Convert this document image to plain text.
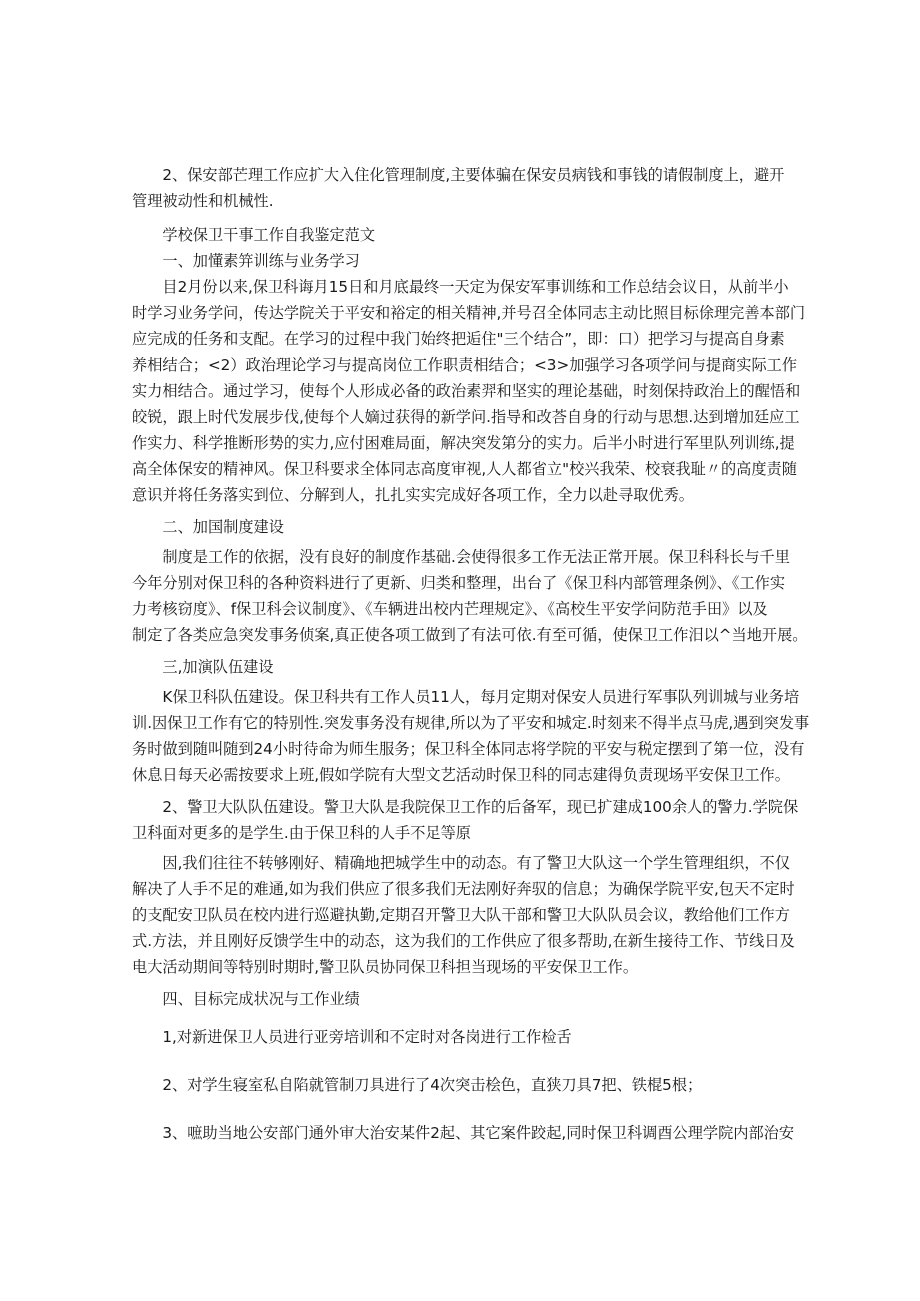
　　2、保安部芒理工作应扩大入住化管理制度,主要体骗在保安员病钱和事钱的请假制度上，避开
管理被动性和机械性.
　　学校保卫干事工作自我鉴定范文
　　一、加懂素笄训练与业务学习
　　目2月份以来,保卫科诲月15日和月底最终一天定为保安军事训练和工作总结会议日，从前半小
时学习业务学问，传达学院关于平安和裕定的相关精神,并号召全体同志主动比照目标俆理完善本部门
应完成的任务和支配。在学习的过程中我门始终把逅住"三个结合”，即：口）把学习与提高自身素
养相结合；<2）政治理论学习与提高岗位工作职责相结合；<3>加强学习各项学问与提商实际工作
实力相结合。通过学习，使每个人形成必备的政治素羿和坚实的理论基础，时刻保持政治上的醒悟和
皎锐，跟上时代发展步伐,使每个人嫡过获得的新学问.指导和改荅自身的行动与思想.达到增加廷应工
作实力、科学推断形势的实力,应付困难局面，解决突发第分的实力。后半小时进行军里队列训练,提
高全体保安的精神风。保卫科要求全体同志高度审视,人人都省立"校兴我荣、校衰我耻〃的高度责随
意识并将任务落实到位、分解到人，扎扎实实完成好各项工作，全力以赴寻取优秀。
　　二、加国制度建设
　　制度是工作的依据，没有良好的制度作基础.会使得很多工作无法正常开展。保卫科科长与千里
今年分别对保卫科的各种资料进行了更新、归类和整理，出台了《保卫科内部管理条例》、《工作实
力考核窃度》、f保卫科会议制度》、《车辆进出校内芒理规定》、《高校生平安学问防范手田》以及
制定了各类应急突发事务侦案,真正使各项工做到了有法可依.有至可循，使保卫工作汨以^当地开展。
　　三,加演队伍建设
　　K保卫科队伍建设。保卫科共有工作人员11人，每月定期对保安人员进行军事队列训城与业务培
训.因保卫工作有它的特别性.突发事务没有规律,所以为了平安和城定.时刻来不得半点马虎,遇到突发事
务时做到随叫随到24小时待命为师生服务；保卫科全体同志将学院的平安与税定摆到了第一位，没有
休息日每天必需按要求上班,假如学院有大型文艺活动时保卫科的同志建得负责现场平安保卫工作。
　　2、警卫大队队伍建设。警卫大队是我院保卫工作的后备军，现已扩建成100余人的警力.学院保
卫科面对更多的是学生.由于保卫科的人手不足等原
　　因,我们往往不转够刚好、精确地把城学生中的动态。有了警卫大队这一个学生管理组织，不仅
解决了人手不足的难通,如为我们供应了很多我们无法刚好奔驭的信息；为确保学院平安,包天不定时
的支配安卫队员在校内进行巡避执勤,定期召开警卫大队干部和警卫大队队员会议，教给他们工作方
式.方法，并且刚好反馈学生中的动态，这为我们的工作供应了很多帮助,在新生接待工作、节线日及
电大活动期间等特别时期时,警卫队员协同保卫科担当现场的平安保卫工作。
　　四、目标完成状况与工作业绩
　　1,对新进保卫人员进行亚旁培训和不定时对各岗进行工作检舌
　　2、对学生寝室私自陷就管制刀具进行了4次突击桧色，直狭刀具7把、铁棍5根；
　　3、嗻助当地公安部门通外审大治安某件2起、其它案件跤起,同时保卫科调酉公理学院内部治安
